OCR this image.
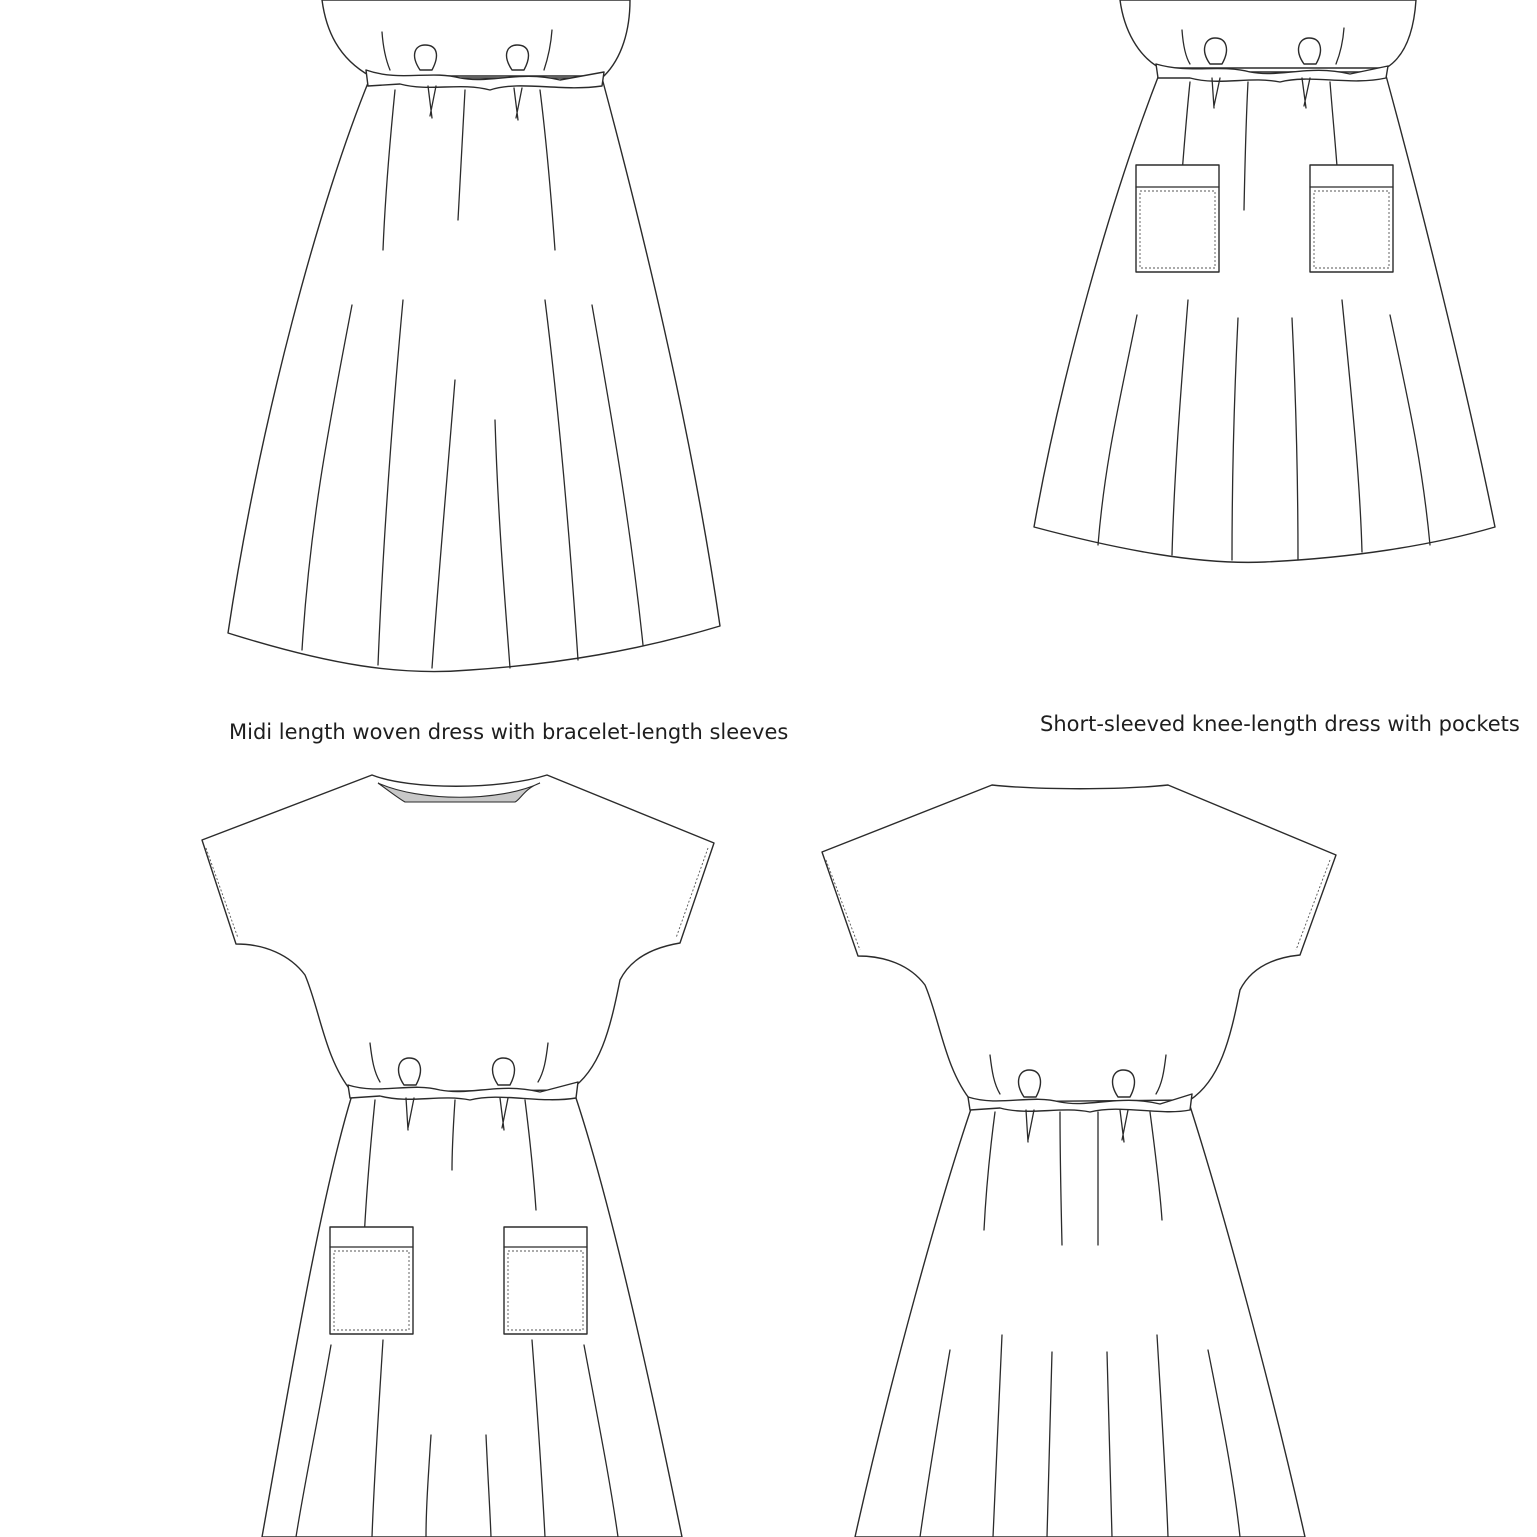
Midi length woven dress with bracelet-length sleeves	Short-sleeved knee-length dress with pockets
